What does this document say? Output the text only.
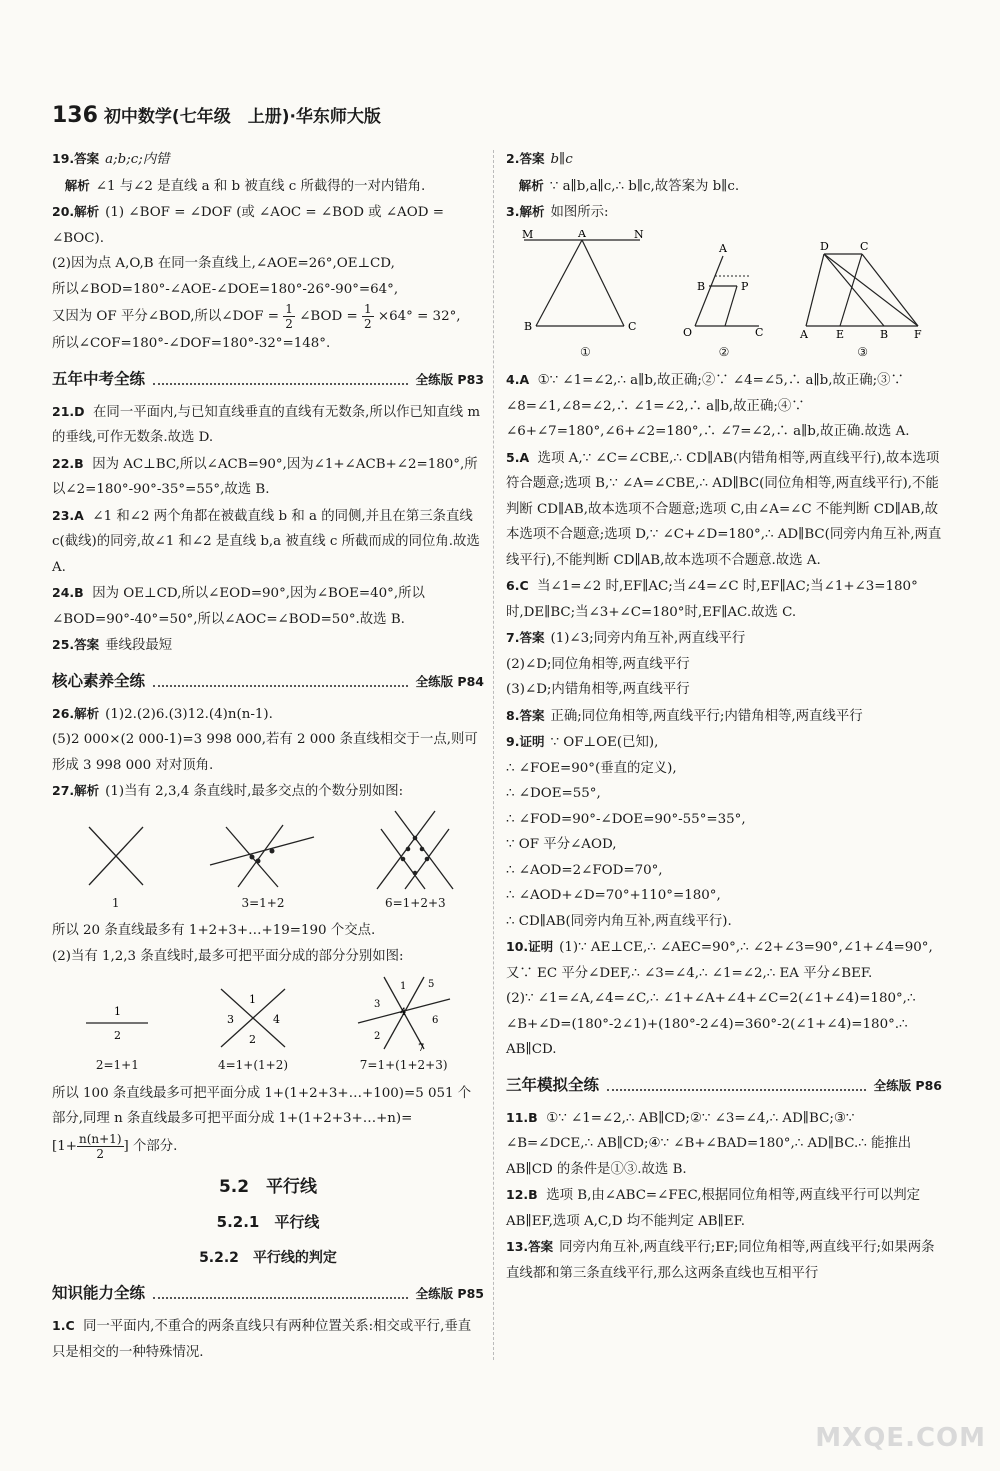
136 初中数学(七年级　上册)·华东师大版

19.答案 a;b;c;内错

解析 ∠1 与∠2 是直线 a 和 b 被直线 c 所截得的一对内错角.

20.解析 (1) ∠BOF = ∠DOF (或 ∠AOC = ∠BOD 或 ∠AOD = ∠BOC).

(2)因为点 A,O,B 在同一条直线上,∠AOE=26°,OE⊥CD,

所以∠BOD=180°-∠AOE-∠DOE=180°-26°-90°=64°,

又因为 OF 平分∠BOD,所以∠DOF = $\frac{1}{2}$ ∠BOD = $\frac{1}{2} \times 64^\circ = 32^\circ$,

所以∠COF=180°-∠DOF=180°-32°=148°.

五年中考全练	全练版 P83

21.D 在同一平面内,与已知直线垂直的直线有无数条,所以作已知直线 m 的垂线,可作无数条.故选 D.

22.B 因为 AC⊥BC,所以∠ACB=90°,因为∠1+∠ACB+∠2=180°,所以∠2=180°-90°-35°=55°,故选 B.

23.A ∠1 和∠2 两个角都在被截直线 b 和 a 的同侧,并且在第三条直线 c(截线)的同旁,故∠1 和∠2 是直线 b,a 被直线 c 所截而成的同位角.故选 A.

24.B 因为 OE⊥CD,所以∠EOD=90°,因为∠BOE=40°,所以∠BOD=90°-40°=50°,所以∠AOC=∠BOD=50°.故选 B.

25.答案 垂线段最短

核心素养全练	全练版 P84

26.解析 (1)2.(2)6.(3)12.(4)n(n-1).

(5)2 000×(2 000-1)=3 998 000,若有 2 000 条直线相交于一点,则可形成 3 998 000 对对顶角.

27.解析 (1)当有 2,3,4 条直线时,最多交点的个数分别如图:

1	3=1+2	6=1+2+3

所以 20 条直线最多有 1+2+3+…+19=190 个交点.

(2)当有 1,2,3 条直线时,最多可把平面分成的部分分别如图:

1
2
2=1+1
1
3	4
2
4=1+(1+2)
1
3
4
5
6
2
7
7=1+(1+2+3)

所以 100 条直线最多可把平面分成 1+(1+2+3+…+100)=5 051 个部分,同理 n 条直线最多可把平面分成 1+(1+2+3+…+n)=

[$1+ \frac{n(n+1)}{2}$ ] 个部分.

5.2　平行线
5.2.1　平行线
5.2.2　平行线的判定
知识能力全练	全练版 P85

1.C 同一平面内,不重合的两条直线只有两种位置关系:相交或平行,垂直只是相交的一种特殊情况.

2.答案 b∥c

解析 ∵ a∥b,a∥c,∴ b∥c,故答案为 b∥c.

3.解析 如图所示:

M	A	N
B	C
①
A
B	P
O	C
②
D	C
A	E	B F
③

4.A ①∵ ∠1=∠2,∴ a∥b,故正确;②∵ ∠4=∠5,∴ a∥b,故正确;③∵ ∠8=∠1,∠8=∠2,∴ ∠1=∠2,∴ a∥b,故正确;④∵ ∠6+∠7=180°,∠6+∠2=180°,∴ ∠7=∠2,∴ a∥b,故正确.故选 A.

5.A 选项 A,∵ ∠C=∠CBE,∴ CD∥AB(内错角相等,两直线平行),故本选项符合题意;选项 B,∵ ∠A=∠CBE,∴ AD∥BC(同位角相等,两直线平行),不能判断 CD∥AB,故本选项不合题意;选项 C,由∠A=∠C 不能判断 CD∥AB,故本选项不合题意;选项 D,∵ ∠C+∠D=180°,∴ AD∥BC(同旁内角互补,两直线平行),不能判断 CD∥AB,故本选项不合题意.故选 A.

6.C 当∠1=∠2 时,EF∥AC;当∠4=∠C 时,EF∥AC;当∠1+∠3=180°时,DE∥BC;当∠3+∠C=180°时,EF∥AC.故选 C.

7.答案 (1)∠3;同旁内角互补,两直线平行

(2)∠D;同位角相等,两直线平行

(3)∠D;内错角相等,两直线平行

8.答案 正确;同位角相等,两直线平行;内错角相等,两直线平行

9.证明 ∵ OF⊥OE(已知),

∴ ∠FOE=90°(垂直的定义),

∴ ∠DOE=55°,

∴ ∠FOD=90°-∠DOE=90°-55°=35°,

∵ OF 平分∠AOD,

∴ ∠AOD=2∠FOD=70°,

∴ ∠AOD+∠D=70°+110°=180°,

∴ CD∥AB(同旁内角互补,两直线平行).

10.证明 (1)∵ AE⊥CE,∴ ∠AEC=90°,∴ ∠2+∠3=90°,∠1+∠4=90°,又∵ EC 平分∠DEF,∴ ∠3=∠4,∴ ∠1=∠2,∴ EA 平分∠BEF.

(2)∵ ∠1=∠A,∠4=∠C,∴ ∠1+∠A+∠4+∠C=2(∠1+∠4)=180°,∴ ∠B+∠D=(180°-2∠1)+(180°-2∠4)=360°-2(∠1+∠4)=180°.∴ AB∥CD.

三年模拟全练	全练版 P86

11.B ①∵ ∠1=∠2,∴ AB∥CD;②∵ ∠3=∠4,∴ AD∥BC;③∵ ∠B=∠DCE,∴ AB∥CD;④∵ ∠B+∠BAD=180°,∴ AD∥BC.∴ 能推出 AB∥CD 的条件是①③.故选 B.

12.B 选项 B,由∠ABC=∠FEC,根据同位角相等,两直线平行可以判定 AB∥EF,选项 A,C,D 均不能判定 AB∥EF.

13.答案 同旁内角互补,两直线平行;EF;同位角相等,两直线平行;如果两条直线都和第三条直线平行,那么这两条直线也互相平行

MXQE.COM
